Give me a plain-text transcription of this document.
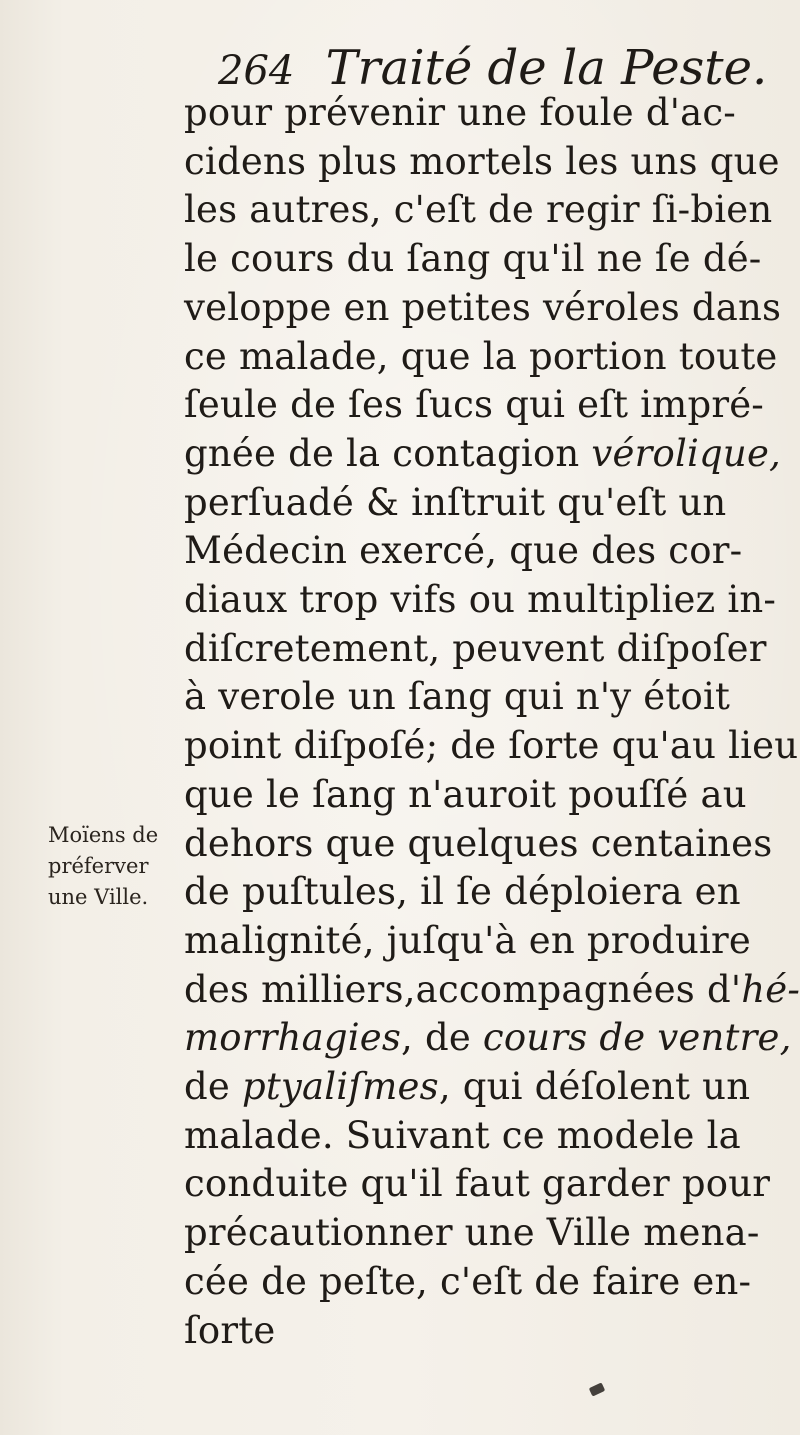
264 Traité de la Peste.
Moïens de
préferver
une Ville.
pour prévenir une foule d'ac-
cidens plus mortels les uns que
les autres, c'eſt de regir ſi-bien
le cours du ſang qu'il ne ſe dé-
veloppe en petites véroles dans
ce malade, que la portion toute
ſeule de ſes ſucs qui eſt impré-
gnée de la contagion vérolique,
perſuadé & inſtruit qu'eſt un
Médecin exercé, que des cor-
diaux trop vifs ou multipliez in-
diſcretement, peuvent diſpoſer
à verole un ſang qui n'y étoit
point diſpoſé; de ſorte qu'au lieu
que le ſang n'auroit pouſſé au
dehors que quelques centaines
de puſtules, il ſe déploiera en
malignité, juſqu'à en produire
des milliers,accompagnées d'hé-
morrhagies, de cours de ventre,
de ptyaliſmes, qui déſolent un
malade. Suivant ce modele la
conduite qu'il faut garder pour
précautionner une Ville mena-
cée de peſte, c'eſt de faire en-
ſorte
